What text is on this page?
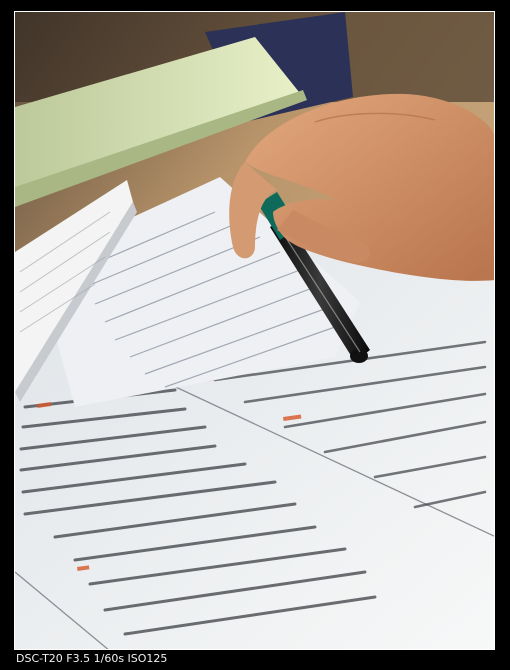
DSC-T20 F3.5 1/60s ISO125
